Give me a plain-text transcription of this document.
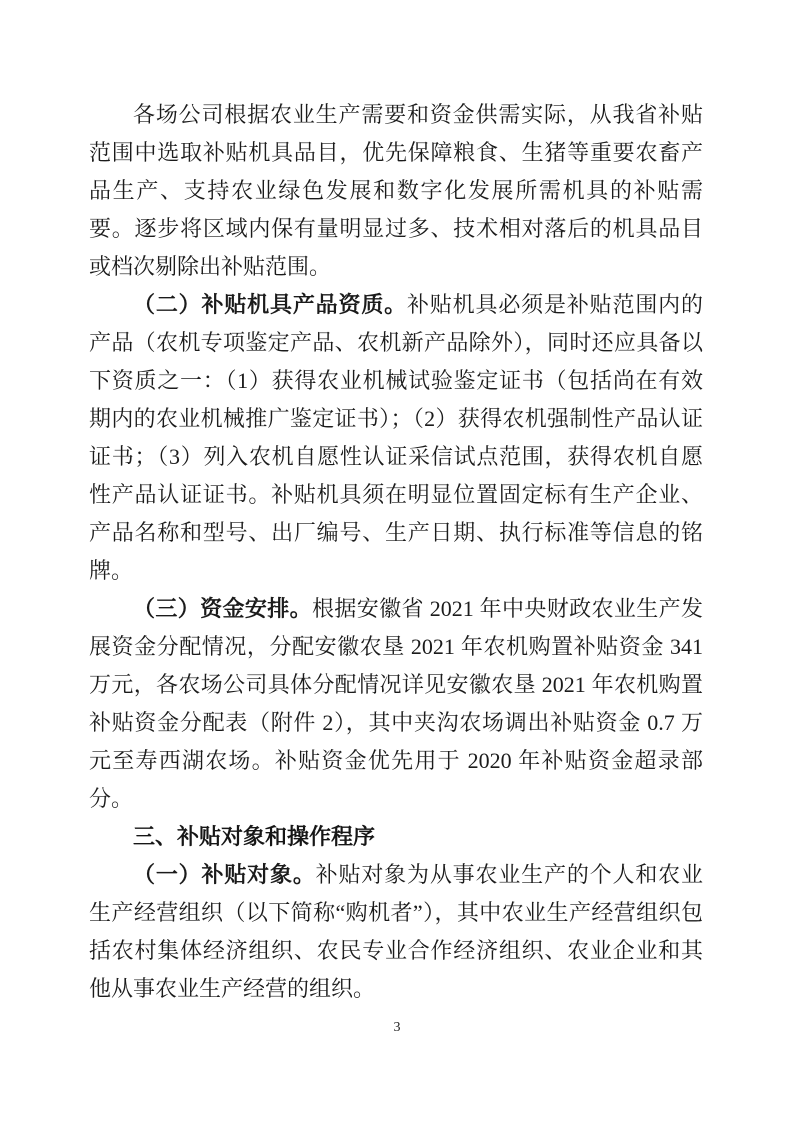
各场公司根据农业生产需要和资金供需实际，从我省补贴范围中选取补贴机具品目，优先保障粮食、生猪等重要农畜产品生产、支持农业绿色发展和数字化发展所需机具的补贴需要。逐步将区域内保有量明显过多、技术相对落后的机具品目或档次剔除出补贴范围。

（二）补贴机具产品资质。补贴机具必须是补贴范围内的产品（农机专项鉴定产品、农机新产品除外），同时还应具备以下资质之一：（1）获得农业机械试验鉴定证书（包括尚在有效期内的农业机械推广鉴定证书）；（2）获得农机强制性产品认证证书；（3）列入农机自愿性认证采信试点范围，获得农机自愿性产品认证证书。补贴机具须在明显位置固定标有生产企业、产品名称和型号、出厂编号、生产日期、执行标准等信息的铭牌。

（三）资金安排。根据安徽省 2021 年中央财政农业生产发展资金分配情况，分配安徽农垦 2021 年农机购置补贴资金 341 万元，各农场公司具体分配情况详见安徽农垦 2021 年农机购置补贴资金分配表（附件 2），其中夹沟农场调出补贴资金 0.7 万元至寿西湖农场。补贴资金优先用于 2020 年补贴资金超录部分。

三、补贴对象和操作程序

（一）补贴对象。补贴对象为从事农业生产的个人和农业生产经营组织（以下简称“购机者”），其中农业生产经营组织包括农村集体经济组织、农民专业合作经济组织、农业企业和其他从事农业生产经营的组织。

3
